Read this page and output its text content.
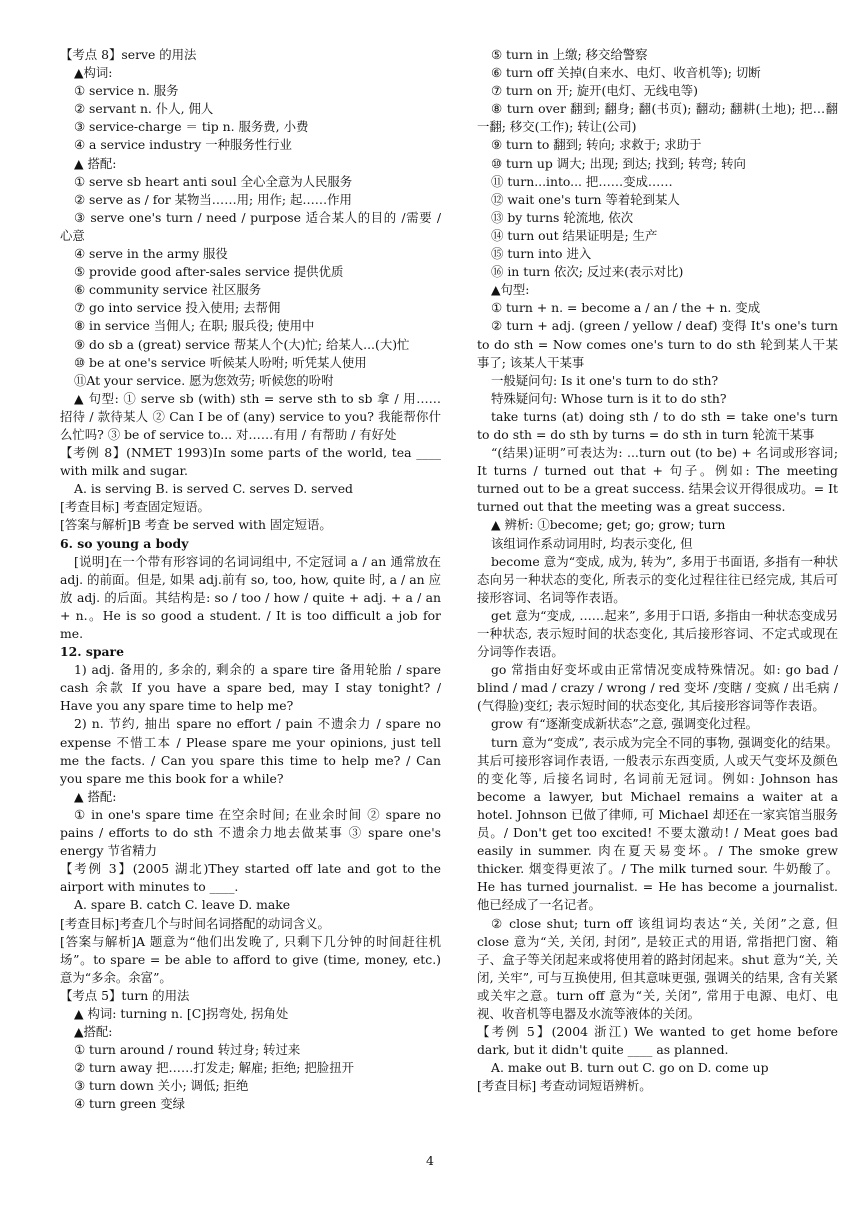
【考点 8】serve 的用法

▲构词:

① service n. 服务

② servant n. 仆人, 佣人

③ service-charge ＝ tip n. 服务费, 小费

④ a service industry 一种服务性行业

▲ 搭配:

① serve sb heart anti soul 全心全意为人民服务

② serve as / for 某物当……用; 用作; 起……作用

③ serve one's turn / need / purpose 适合某人的目的 /需要 / 心意

④ serve in the army 服役

⑤ provide good after-sales service 提供优质

⑥ community service 社区服务

⑦ go into service 投入使用; 去帮佣

⑧ in service 当佣人; 在职; 服兵役; 使用中

⑨ do sb a (great) service 帮某人个(大)忙; 给某人...(大)忙

⑩ be at one's service 听候某人吩咐; 听凭某人使用

⑪At your service. 愿为您效劳; 听候您的吩咐

▲ 句型: ① serve sb (with) sth = serve sth to sb 拿 / 用……招待 / 款待某人 ② Can I be of (any) service to you? 我能帮你什么忙吗? ③ be of service to... 对……有用 / 有帮助 / 有好处

【考例 8】(NMET 1993)In some parts of the world, tea ____ with milk and sugar.

A. is serving B. is served C. serves D. served

[考查目标] 考查固定短语。

[答案与解析]B 考查 be served with 固定短语。

6. so young a body

[说明]在一个带有形容词的名词词组中, 不定冠词 a / an 通常放在 adj. 的前面。但是, 如果 adj.前有 so, too, how, quite 时, a / an 应放 adj. 的后面。其结构是: so / too / how / quite + adj. + a / an + n.。He is so good a student. / It is too difficult a job for me.

12. spare

1) adj. 备用的, 多余的, 剩余的 a spare tire 备用轮胎 / spare cash 余款 If you have a spare bed, may I stay tonight? / Have you any spare time to help me?

2) n. 节约, 抽出 spare no effort / pain 不遗余力 / spare no expense 不惜工本 / Please spare me your opinions, just tell me the facts. / Can you spare this time to help me? / Can you spare me this book for a while?

▲ 搭配:

① in one's spare time 在空余时间; 在业余时间 ② spare no pains / efforts to do sth 不遗余力地去做某事 ③ spare one's energy 节省精力

【考例 3】(2005 湖北)They started off late and got to the airport with minutes to ____.

A. spare B. catch C. leave D. make

[考查目标]考查几个与时间名词搭配的动词含义。

[答案与解析]A 题意为“他们出发晚了, 只剩下几分钟的时间赶往机场”。to spare = be able to afford to give (time, money, etc.) 意为“多余。余富”。

【考点 5】turn 的用法

▲ 构词: turning n. [C]拐弯处, 拐角处

▲搭配:

① turn around / round 转过身; 转过来

② turn away 把……打发走; 解雇; 拒绝; 把脸扭开

③ turn down 关小; 调低; 拒绝

④ turn green 变绿

⑤ turn in 上缴; 移交给警察

⑥ turn off 关掉(自来水、电灯、收音机等); 切断

⑦ turn on 开; 旋开(电灯、无线电等)

⑧ turn over 翻到; 翻身; 翻(书页); 翻动; 翻耕(土地); 把…翻一翻; 移交(工作); 转让(公司)

⑨ turn to 翻到; 转向; 求救于; 求助于

⑩ turn up 调大; 出现; 到达; 找到; 转弯; 转向

⑪ turn...into... 把……变成……

⑫ wait one's turn 等着轮到某人

⑬ by turns 轮流地, 依次

⑭ turn out 结果证明是; 生产

⑮ turn into 进入

⑯ in turn 依次; 反过来(表示对比)

▲句型:

① turn + n. = become a / an / the + n. 变成

② turn + adj. (green / yellow / deaf) 变得 It's one's turn to do sth = Now comes one's turn to do sth 轮到某人干某事了; 该某人干某事

一般疑问句: Is it one's turn to do sth?

特殊疑问句: Whose turn is it to do sth?

take turns (at) doing sth / to do sth = take one's turn to do sth = do sth by turns = do sth in turn 轮流干某事

“(结果)证明”可表达为: ...turn out (to be) + 名词或形容词; It turns / turned out that + 句子。例如: The meeting turned out to be a great success. 结果会议开得很成功。= It turned out that the meeting was a great success.

▲ 辨析: ①become; get; go; grow; turn

该组词作系动词用时, 均表示变化, 但

become 意为“变成, 成为, 转为”, 多用于书面语, 多指有一种状态向另一种状态的变化, 所表示的变化过程往往已经完成, 其后可接形容词、名词等作表语。

get 意为“变成, ……起来”, 多用于口语, 多指由一种状态变成另一种状态, 表示短时间的状态变化, 其后接形容词、不定式或现在分词等作表语。

go 常指由好变坏或由正常情况变成特殊情况。如: go bad / blind / mad / crazy / wrong / red 变坏 /变瞎 / 变疯 / 出毛病 / (气得脸)变红; 表示短时间的状态变化, 其后接形容词等作表语。

grow 有“逐渐变成新状态”之意, 强调变化过程。

turn 意为“变成”, 表示成为完全不同的事物, 强调变化的结果。其后可接形容词作表语, 一般表示东西变质, 人或天气变坏及颜色的变化等, 后接名词时, 名词前无冠词。例如: Johnson has become a lawyer, but Michael remains a waiter at a hotel. Johnson 已做了律师, 可 Michael 却还在一家宾馆当服务员。/ Don't get too excited! 不要太激动! / Meat goes bad easily in summer. 肉在夏天易变坏。/ The smoke grew thicker. 烟变得更浓了。/ The milk turned sour. 牛奶酸了。 He has turned journalist. = He has become a journalist. 他已经成了一名记者。

② close shut; turn off 该组词均表达“关, 关闭”之意, 但 close 意为“关, 关闭, 封闭”, 是较正式的用语, 常指把门窗、箱子、盒子等关闭起来或将使用着的路封闭起来。shut 意为“关, 关闭, 关牢”, 可与互换使用, 但其意味更强, 强调关的结果, 含有关紧或关牢之意。turn off 意为“关, 关闭”, 常用于电源、电灯、电视、收音机等电器及水流等液体的关闭。

【考例 5】(2004 浙江) We wanted to get home before dark, but it didn't quite ____ as planned.

A. make out B. turn out C. go on D. come up

[考查目标] 考查动词短语辨析。

4
